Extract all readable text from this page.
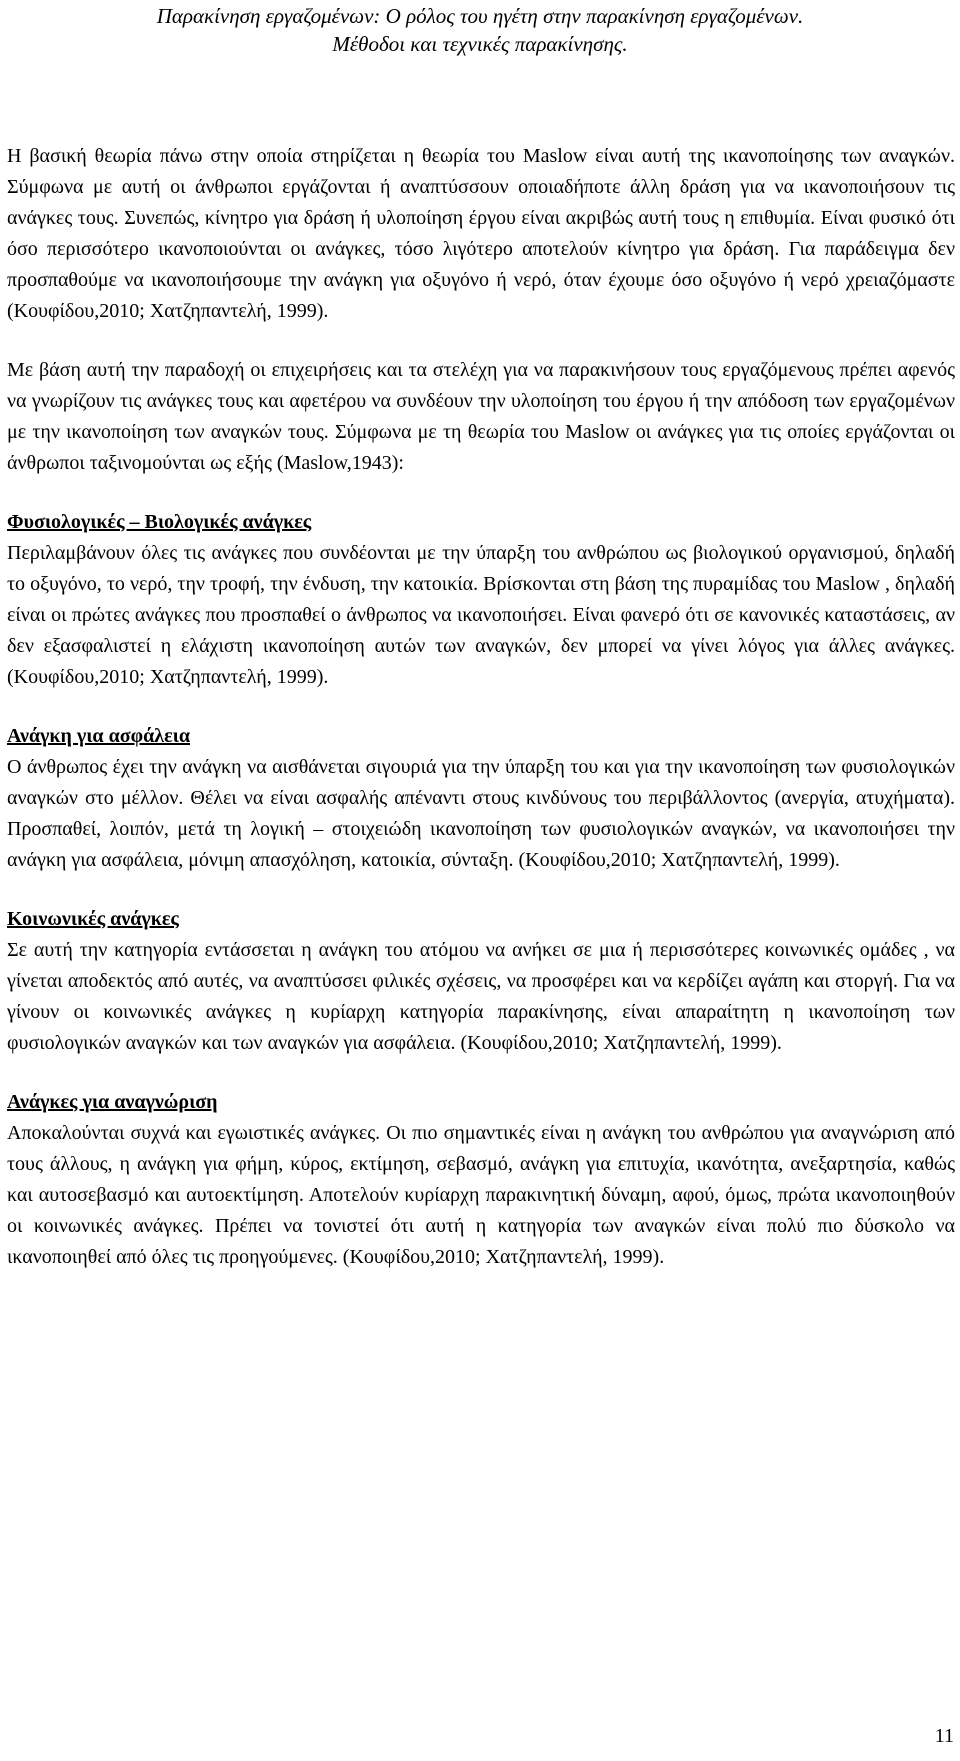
Παρακίνηση εργαζομένων: Ο ρόλος του ηγέτη στην παρακίνηση εργαζομένων.
Μέθοδοι και τεχνικές παρακίνησης.

Η βασική θεωρία πάνω στην οποία στηρίζεται η θεωρία του Maslow είναι αυτή της ικανοποίησης των αναγκών. Σύμφωνα με αυτή οι άνθρωποι εργάζονται ή αναπτύσσουν οποιαδήποτε άλλη δράση για να ικανοποιήσουν τις ανάγκες τους. Συνεπώς, κίνητρο για δράση ή υλοποίηση έργου είναι ακριβώς αυτή τους η επιθυμία. Είναι φυσικό ότι όσο περισσότερο ικανοποιούνται οι ανάγκες, τόσο λιγότερο αποτελούν κίνητρο για δράση. Για παράδειγμα δεν προσπαθούμε να ικανοποιήσουμε την ανάγκη για οξυγόνο ή νερό, όταν έχουμε όσο οξυγόνο ή νερό χρειαζόμαστε (Κουφίδου,2010; Χατζηπαντελή, 1999).

Με βάση αυτή την παραδοχή οι επιχειρήσεις και τα στελέχη για να παρακινήσουν τους εργαζόμενους πρέπει αφενός να γνωρίζουν τις ανάγκες τους και αφετέρου να συνδέουν την υλοποίηση του έργου ή την απόδοση των εργαζομένων με την ικανοποίηση των αναγκών τους. Σύμφωνα με τη θεωρία του Maslow οι ανάγκες για τις οποίες εργάζονται οι άνθρωποι ταξινομούνται ως εξής (Maslow,1943):

Φυσιολογικές – Βιολογικές ανάγκες

Περιλαμβάνουν όλες τις ανάγκες που συνδέονται με την ύπαρξη του ανθρώπου ως βιολογικού οργανισμού, δηλαδή το οξυγόνο, το νερό, την τροφή, την ένδυση, την κατοικία. Βρίσκονται στη βάση της πυραμίδας του Maslow , δηλαδή είναι οι πρώτες ανάγκες που προσπαθεί ο άνθρωπος να ικανοποιήσει. Είναι φανερό ότι σε κανονικές καταστάσεις, αν δεν εξασφαλιστεί η ελάχιστη ικανοποίηση αυτών των αναγκών, δεν μπορεί να γίνει λόγος για άλλες ανάγκες. (Κουφίδου,2010; Χατζηπαντελή, 1999).

Ανάγκη για ασφάλεια

Ο άνθρωπος έχει την ανάγκη να αισθάνεται σιγουριά για την ύπαρξη του και για την ικανοποίηση των φυσιολογικών αναγκών στο μέλλον. Θέλει να είναι ασφαλής απέναντι στους κινδύνους του περιβάλλοντος (ανεργία, ατυχήματα). Προσπαθεί, λοιπόν, μετά τη λογική – στοιχειώδη ικανοποίηση των φυσιολογικών αναγκών, να ικανοποιήσει την ανάγκη για ασφάλεια, μόνιμη απασχόληση, κατοικία, σύνταξη. (Κουφίδου,2010; Χατζηπαντελή, 1999).

Κοινωνικές ανάγκες

Σε αυτή την κατηγορία εντάσσεται η ανάγκη του ατόμου να ανήκει σε μια ή περισσότερες κοινωνικές ομάδες , να γίνεται αποδεκτός από αυτές, να αναπτύσσει φιλικές σχέσεις, να προσφέρει και να κερδίζει αγάπη και στοργή. Για να γίνουν οι κοινωνικές ανάγκες η κυρίαρχη κατηγορία παρακίνησης, είναι απαραίτητη η ικανοποίηση των φυσιολογικών αναγκών και των αναγκών για ασφάλεια. (Κουφίδου,2010; Χατζηπαντελή, 1999).

Ανάγκες για αναγνώριση

Αποκαλούνται συχνά και εγωιστικές ανάγκες. Οι πιο σημαντικές είναι η ανάγκη του ανθρώπου για αναγνώριση από τους άλλους, η ανάγκη για φήμη, κύρος, εκτίμηση, σεβασμό, ανάγκη για επιτυχία, ικανότητα, ανεξαρτησία, καθώς και αυτοσεβασμό και αυτοεκτίμηση. Αποτελούν κυρίαρχη παρακινητική δύναμη, αφού, όμως, πρώτα ικανοποιηθούν οι κοινωνικές ανάγκες. Πρέπει να τονιστεί ότι αυτή η κατηγορία των αναγκών είναι πολύ πιο δύσκολο να ικανοποιηθεί από όλες τις προηγούμενες. (Κουφίδου,2010; Χατζηπαντελή, 1999).

11
